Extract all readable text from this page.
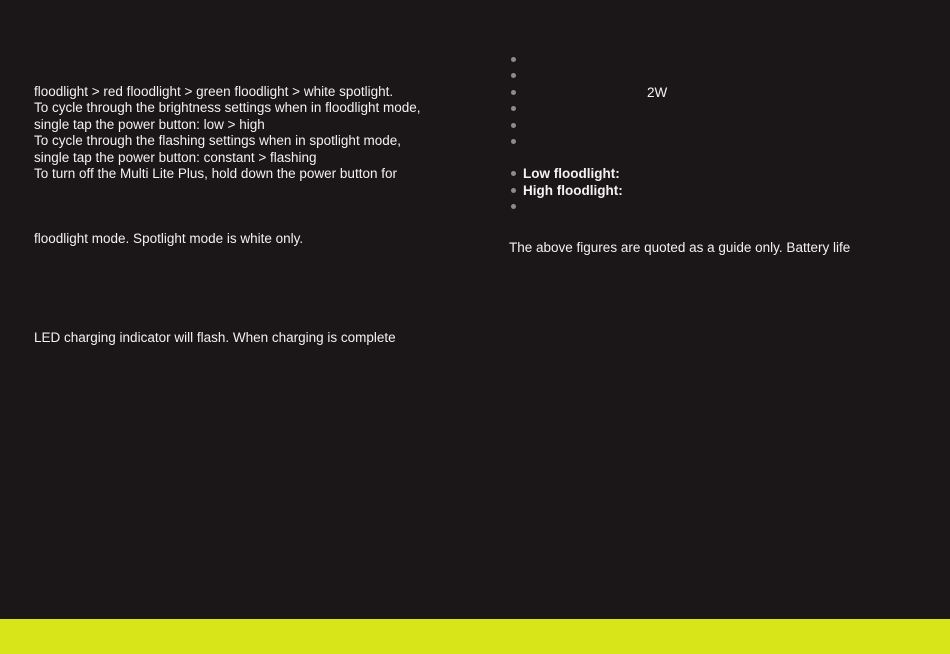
floodlight > red floodlight > green floodlight > white spotlight.
To cycle through the brightness settings when in floodlight mode,
single tap the power button: low > high
To cycle through the flashing settings when in spotlight mode,
single tap the power button: constant > flashing
To turn off the Multi Lite Plus, hold down the power button for
floodlight mode. Spotlight mode is white only.
LED charging indicator will flash. When charging is complete
2W
Low floodlight:
High floodlight:
The above figures are quoted as a guide only. Battery life
